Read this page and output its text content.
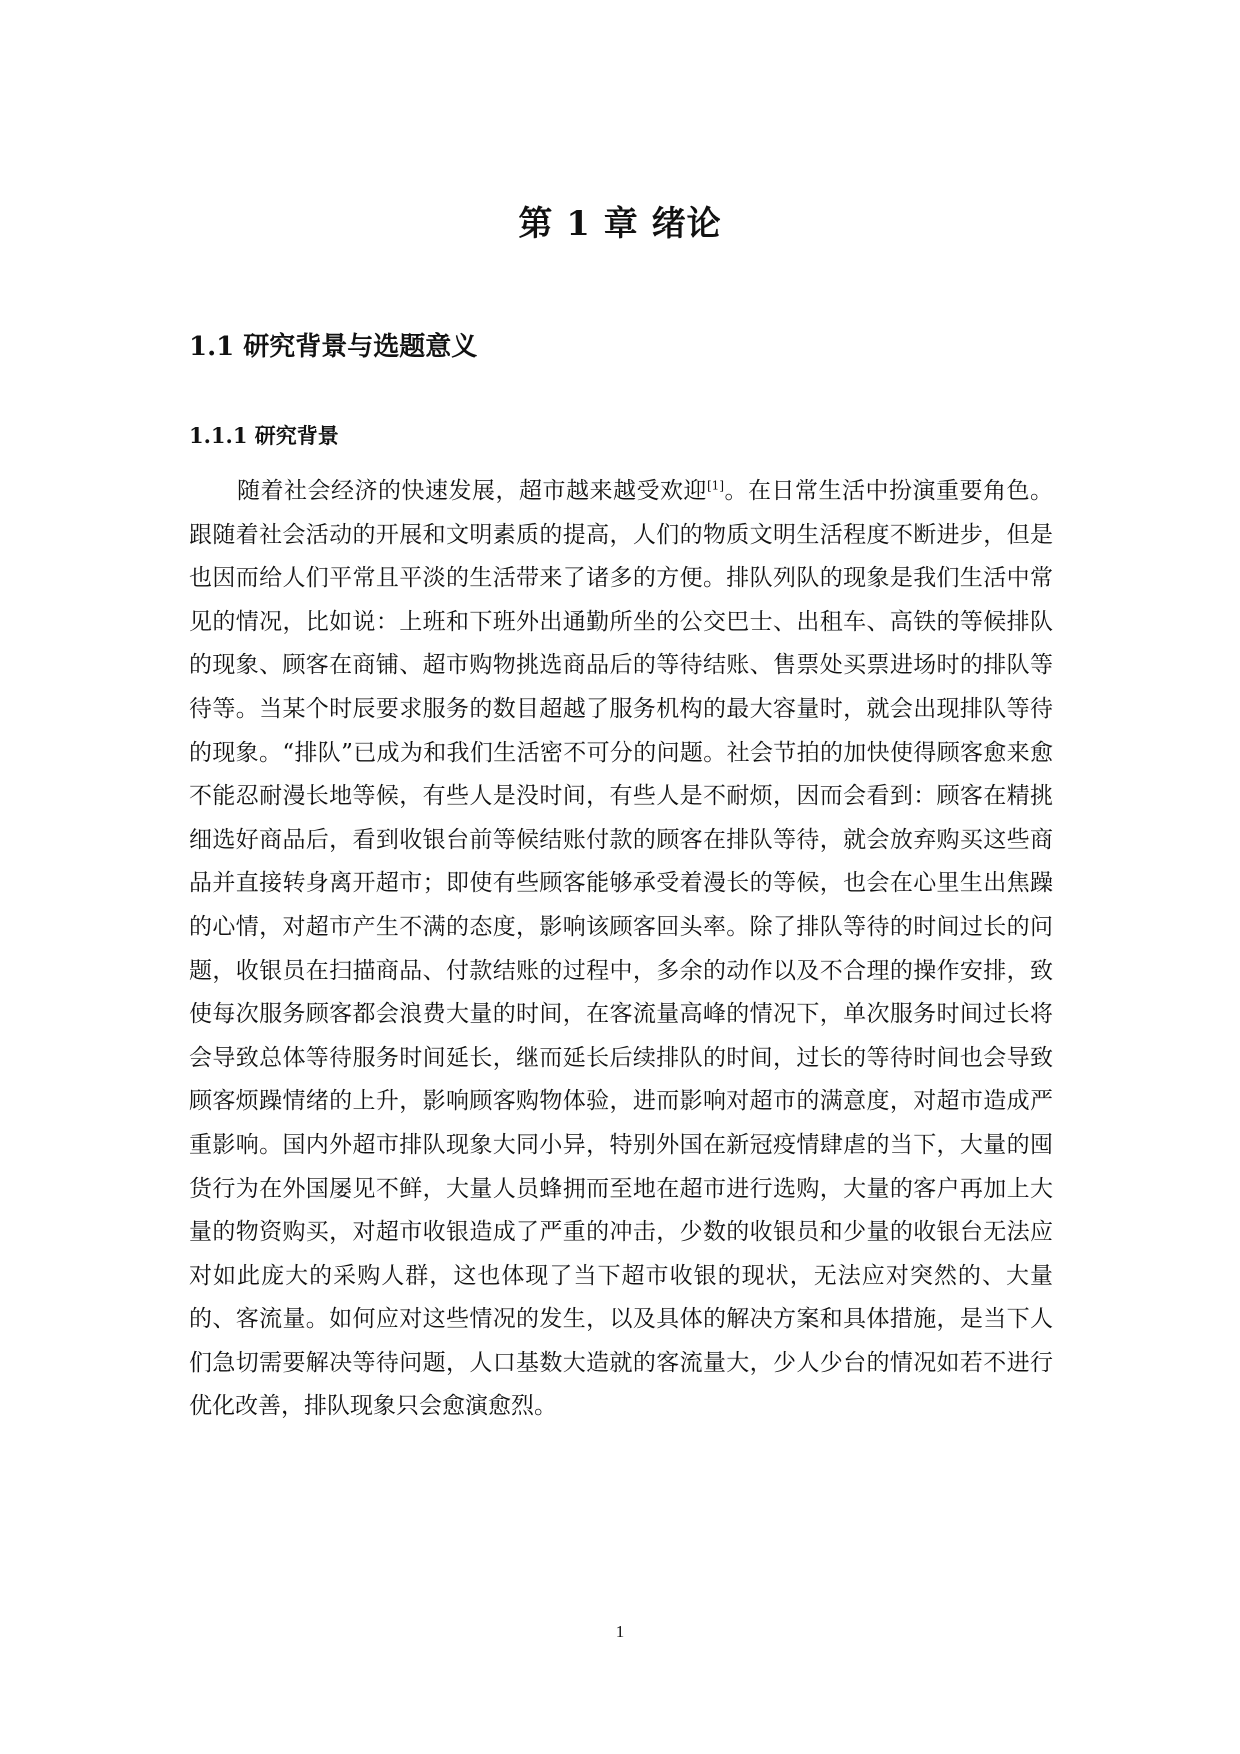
第 1 章 绪论
1.1 研究背景与选题意义
1.1.1 研究背景

随着社会经济的快速发展，超市越来越受欢迎[1]。在日常生活中扮演重要角色。跟随着社会活动的开展和文明素质的提高，人们的物质文明生活程度不断进步，但是也因而给人们平常且平淡的生活带来了诸多的方便。排队列队的现象是我们生活中常见的情况，比如说：上班和下班外出通勤所坐的公交巴士、出租车、高铁的等候排队的现象、顾客在商铺、超市购物挑选商品后的等待结账、售票处买票进场时的排队等待等。当某个时辰要求服务的数目超越了服务机构的最大容量时，就会出现排队等待的现象。“排队”已成为和我们生活密不可分的问题。社会节拍的加快使得顾客愈来愈不能忍耐漫长地等候，有些人是没时间，有些人是不耐烦，因而会看到：顾客在精挑细选好商品后，看到收银台前等候结账付款的顾客在排队等待，就会放弃购买这些商品并直接转身离开超市；即使有些顾客能够承受着漫长的等候，也会在心里生出焦躁的心情，对超市产生不满的态度，影响该顾客回头率。除了排队等待的时间过长的问题，收银员在扫描商品、付款结账的过程中，多余的动作以及不合理的操作安排，致使每次服务顾客都会浪费大量的时间，在客流量高峰的情况下，单次服务时间过长将会导致总体等待服务时间延长，继而延长后续排队的时间，过长的等待时间也会导致顾客烦躁情绪的上升，影响顾客购物体验，进而影响对超市的满意度，对超市造成严重影响。国内外超市排队现象大同小异，特别外国在新冠疫情肆虐的当下，大量的囤货行为在外国屡见不鲜，大量人员蜂拥而至地在超市进行选购，大量的客户再加上大量的物资购买，对超市收银造成了严重的冲击，少数的收银员和少量的收银台无法应对如此庞大的采购人群，这也体现了当下超市收银的现状，无法应对突然的、大量的、客流量。如何应对这些情况的发生，以及具体的解决方案和具体措施，是当下人们急切需要解决等待问题，人口基数大造就的客流量大，少人少台的情况如若不进行优化改善，排队现象只会愈演愈烈。

1
